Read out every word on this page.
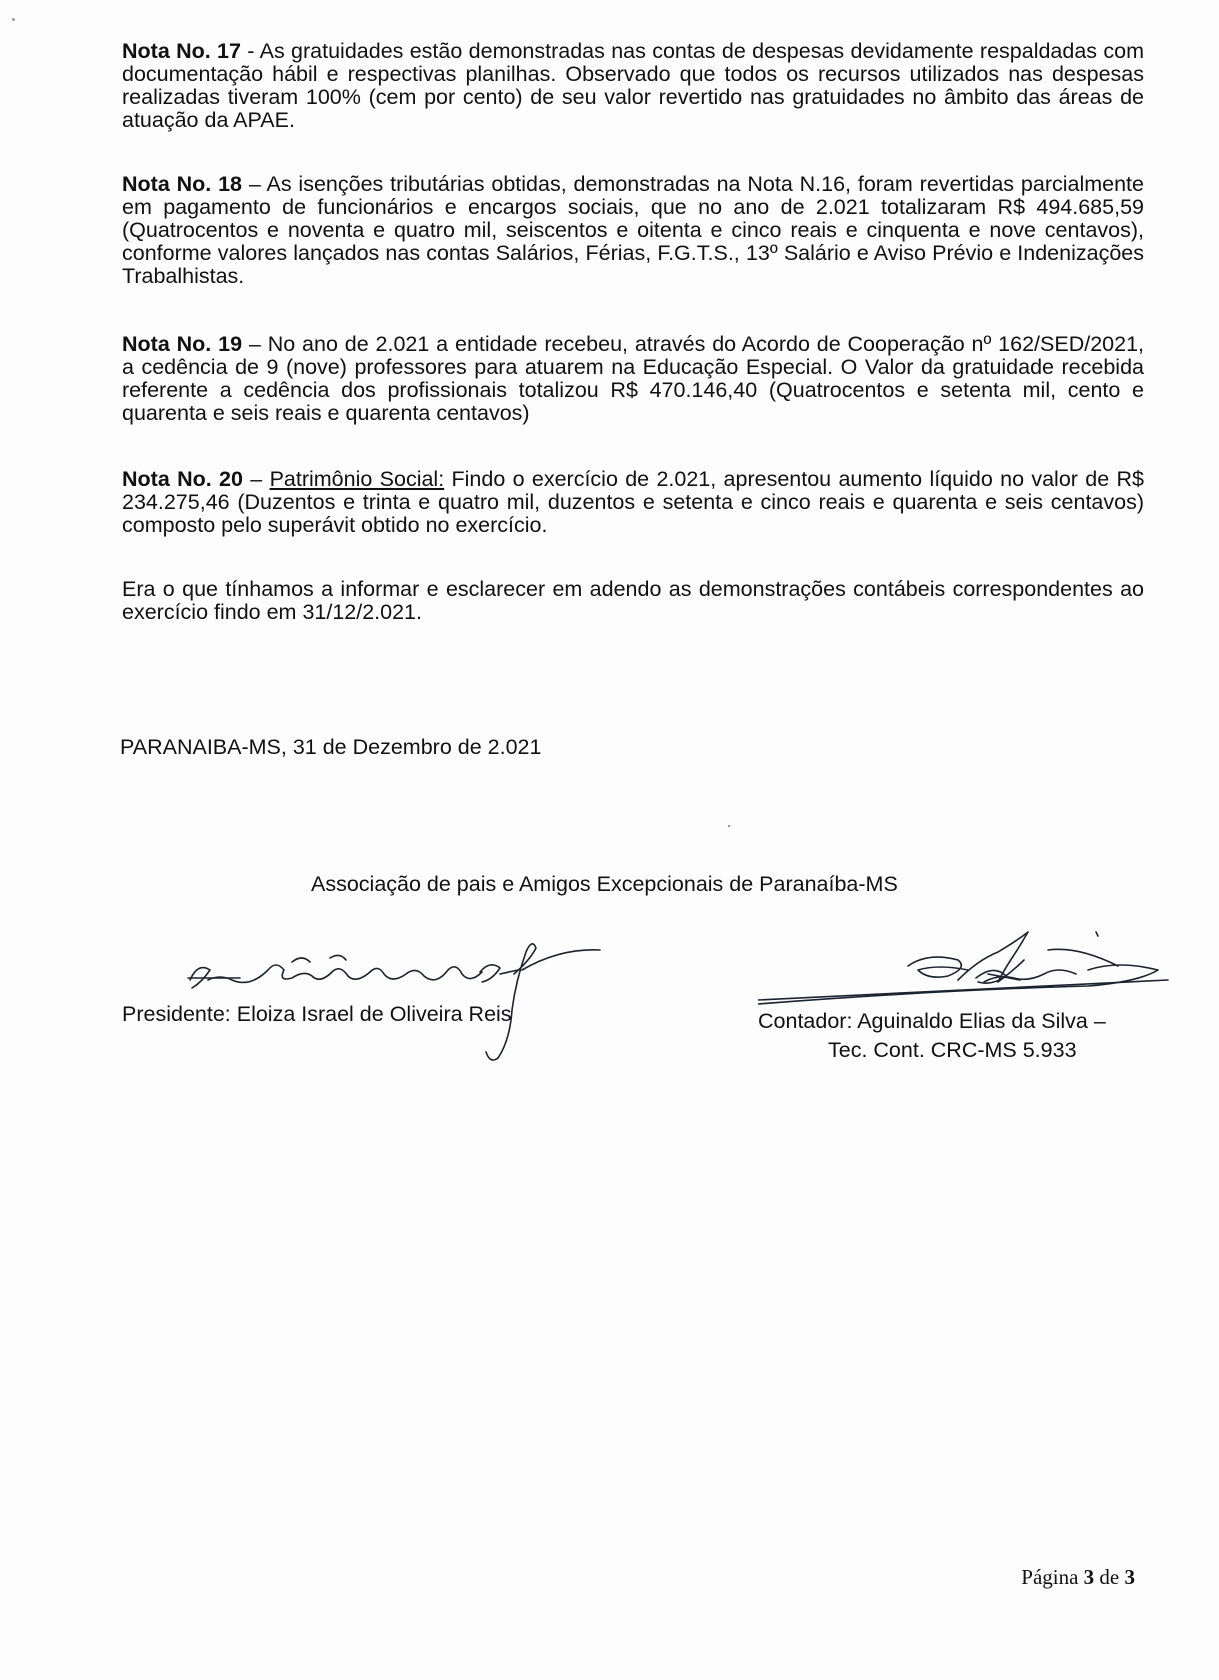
Nota No. 17 - As gratuidades estão demonstradas nas contas de despesas devidamente respaldadas com documentação hábil e respectivas planilhas. Observado que todos os recursos utilizados nas despesas realizadas tiveram 100% (cem por cento) de seu valor revertido nas gratuidades no âmbito das áreas de atuação da APAE.

Nota No. 18 – As isenções tributárias obtidas, demonstradas na Nota N.16, foram revertidas parcialmente em pagamento de funcionários e encargos sociais, que no ano de 2.021 totalizaram R$ 494.685,59 (Quatrocentos e noventa e quatro mil, seiscentos e oitenta e cinco reais e cinquenta e nove centavos), conforme valores lançados nas contas Salários, Férias, F.G.T.S., 13º Salário e Aviso Prévio e Indenizações Trabalhistas.

Nota No. 19 – No ano de 2.021 a entidade recebeu, através do Acordo de Cooperação nº 162/SED/2021, a cedência de 9 (nove) professores para atuarem na Educação Especial. O Valor da gratuidade recebida referente a cedência dos profissionais totalizou R$ 470.146,40 (Quatrocentos e setenta mil, cento e quarenta e seis reais e quarenta centavos)

Nota No. 20 – Patrimônio Social: Findo o exercício de 2.021, apresentou aumento líquido no valor de R$ 234.275,46 (Duzentos e trinta e quatro mil, duzentos e setenta e cinco reais e quarenta e seis centavos) composto pelo superávit obtido no exercício.

Era o que tínhamos a informar e esclarecer em adendo as demonstrações contábeis correspondentes ao exercício findo em 31/12/2.021.

PARANAIBA-MS, 31 de Dezembro de 2.021
Associação de pais e Amigos Excepcionais de Paranaíba-MS
Presidente: Eloiza Israel de Oliveira Reis	Contador: Aguinaldo Elias da Silva –
Tec. Cont. CRC-MS 5.933
Página 3 de 3
